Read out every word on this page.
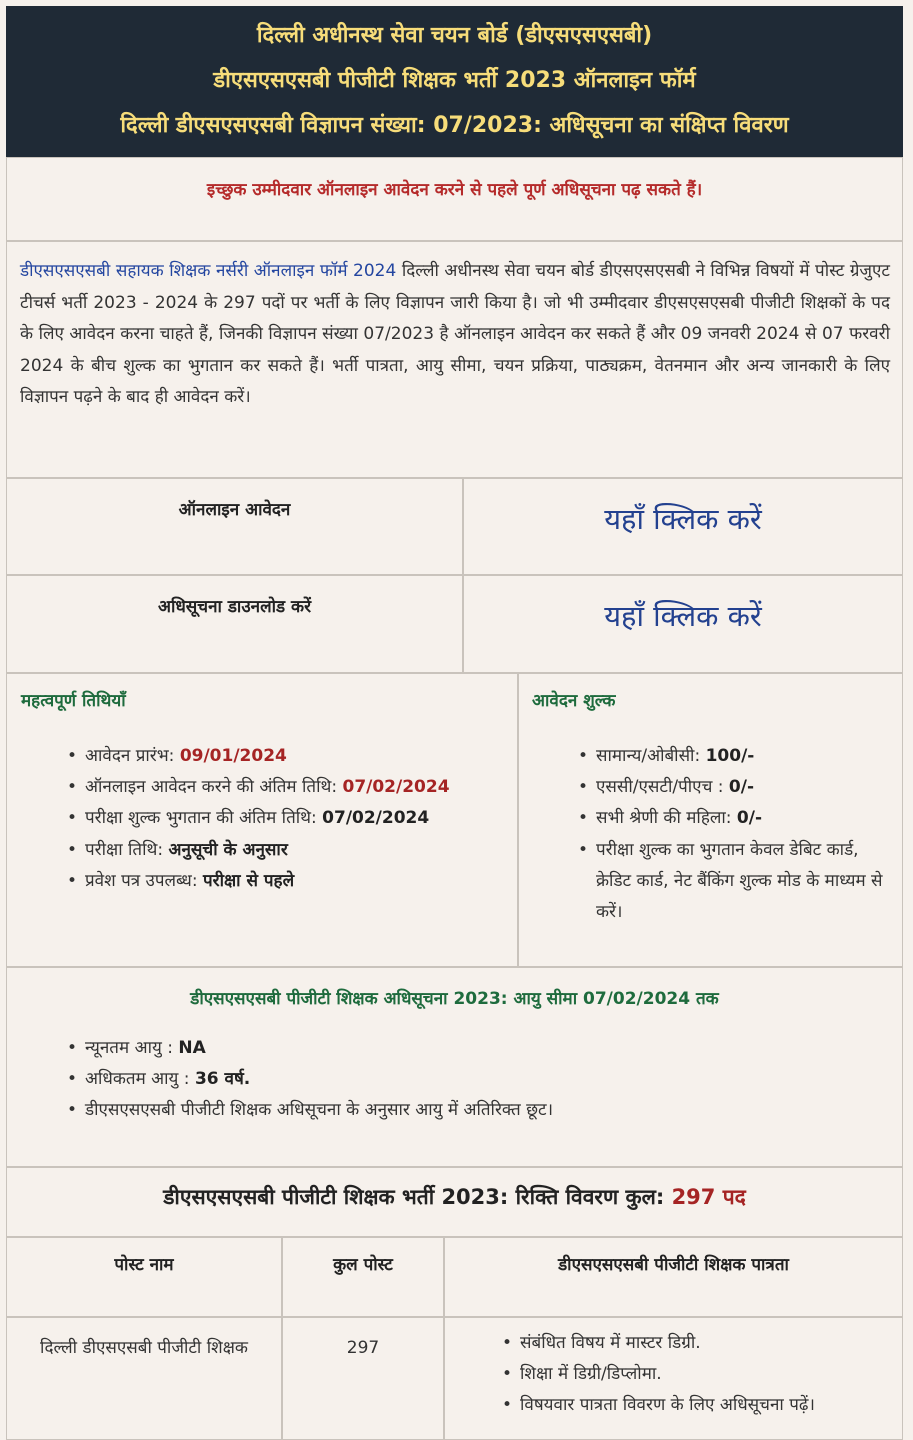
दिल्ली अधीनस्थ सेवा चयन बोर्ड (डीएसएसएसबी)
डीएसएसएसबी पीजीटी शिक्षक भर्ती 2023 ऑनलाइन फॉर्म
दिल्ली डीएसएसएसबी विज्ञापन संख्या: 07/2023: अधिसूचना का संक्षिप्त विवरण
इच्छुक उम्मीदवार ऑनलाइन आवेदन करने से पहले पूर्ण अधिसूचना पढ़ सकते हैं।
डीएसएसएसबी सहायक शिक्षक नर्सरी ऑनलाइन फॉर्म 2024 दिल्ली अधीनस्थ सेवा चयन बोर्ड डीएसएसएसबी ने विभिन्न विषयों में पोस्ट ग्रेजुएट टीचर्स भर्ती 2023 - 2024 के 297 पदों पर भर्ती के लिए विज्ञापन जारी किया है। जो भी उम्मीदवार डीएसएसएसबी पीजीटी शिक्षकों के पद के लिए आवेदन करना चाहते हैं, जिनकी विज्ञापन संख्या 07/2023 है ऑनलाइन आवेदन कर सकते हैं और 09 जनवरी 2024 से 07 फरवरी 2024 के बीच शुल्क का भुगतान कर सकते हैं। भर्ती पात्रता, आयु सीमा, चयन प्रक्रिया, पाठ्यक्रम, वेतनमान और अन्य जानकारी के लिए विज्ञापन पढ़ने के बाद ही आवेदन करें।
ऑनलाइन आवेदन	यहाँ क्लिक करें
अधिसूचना डाउनलोड करें	यहाँ क्लिक करें
महत्वपूर्ण तिथियाँ
• आवेदन प्रारंभ: 09/01/2024
• ऑनलाइन आवेदन करने की अंतिम तिथि: 07/02/2024
• परीक्षा शुल्क भुगतान की अंतिम तिथि: 07/02/2024
• परीक्षा तिथि: अनुसूची के अनुसार
• प्रवेश पत्र उपलब्ध: परीक्षा से पहले
आवेदन शुल्क
• सामान्य/ओबीसी: 100/-
• एससी/एसटी/पीएच : 0/-
• सभी श्रेणी की महिला: 0/-
• परीक्षा शुल्क का भुगतान केवल डेबिट कार्ड, क्रेडिट कार्ड, नेट बैंकिंग शुल्क मोड के माध्यम से करें।
डीएसएसएसबी पीजीटी शिक्षक अधिसूचना 2023: आयु सीमा 07/02/2024 तक
• न्यूनतम आयु : NA
• अधिकतम आयु : 36 वर्ष.
• डीएसएसएसबी पीजीटी शिक्षक अधिसूचना के अनुसार आयु में अतिरिक्त छूट।
डीएसएसएसबी पीजीटी शिक्षक भर्ती 2023: रिक्ति विवरण कुल: 297 पद
पोस्ट नाम	कुल पोस्ट	डीएसएसएसबी पीजीटी शिक्षक पात्रता
दिल्ली डीएसएसबी पीजीटी शिक्षक	297
•	संबंधित विषय में मास्टर डिग्री.
• शिक्षा में डिग्री/डिप्लोमा.
• विषयवार पात्रता विवरण के लिए अधिसूचना पढ़ें।
